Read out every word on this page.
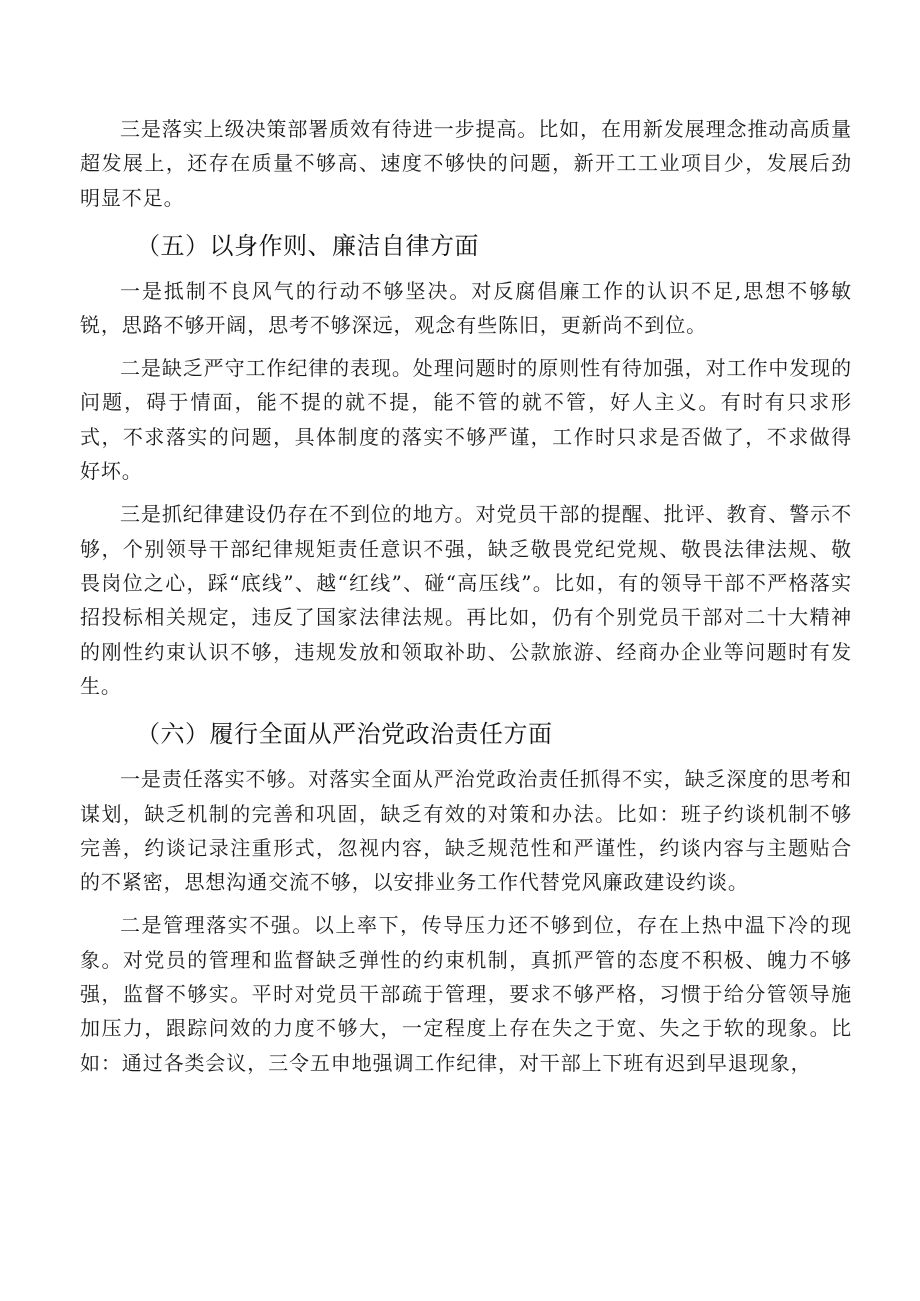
三是落实上级决策部署质效有待进一步提高。比如，在用新发展理念推动高质量超发展上，还存在质量不够高、速度不够快的问题，新开工工业项目少，发展后劲明显不足。

（五）以身作则、廉洁自律方面

一是抵制不良风气的行动不够坚决。对反腐倡廉工作的认识不足,思想不够敏锐，思路不够开阔，思考不够深远，观念有些陈旧，更新尚不到位。

二是缺乏严守工作纪律的表现。处理问题时的原则性有待加强，对工作中发现的问题，碍于情面，能不提的就不提，能不管的就不管，好人主义。有时有只求形式，不求落实的问题，具体制度的落实不够严谨，工作时只求是否做了，不求做得好坏。

三是抓纪律建设仍存在不到位的地方。对党员干部的提醒、批评、教育、警示不够，个别领导干部纪律规矩责任意识不强，缺乏敬畏党纪党规、敬畏法律法规、敬畏岗位之心，踩“底线”、越“红线”、碰“高压线”。比如，有的领导干部不严格落实招投标相关规定，违反了国家法律法规。再比如，仍有个别党员干部对二十大精神的刚性约束认识不够，违规发放和领取补助、公款旅游、经商办企业等问题时有发生。

（六）履行全面从严治党政治责任方面

一是责任落实不够。对落实全面从严治党政治责任抓得不实，缺乏深度的思考和谋划，缺乏机制的完善和巩固，缺乏有效的对策和办法。比如：班子约谈机制不够完善，约谈记录注重形式，忽视内容，缺乏规范性和严谨性，约谈内容与主题贴合的不紧密，思想沟通交流不够，以安排业务工作代替党风廉政建设约谈。

二是管理落实不强。以上率下，传导压力还不够到位，存在上热中温下冷的现象。对党员的管理和监督缺乏弹性的约束机制，真抓严管的态度不积极、魄力不够强，监督不够实。平时对党员干部疏于管理，要求不够严格，习惯于给分管领导施加压力，跟踪问效的力度不够大，一定程度上存在失之于宽、失之于软的现象。比如：通过各类会议，三令五申地强调工作纪律，对干部上下班有迟到早退现象，
